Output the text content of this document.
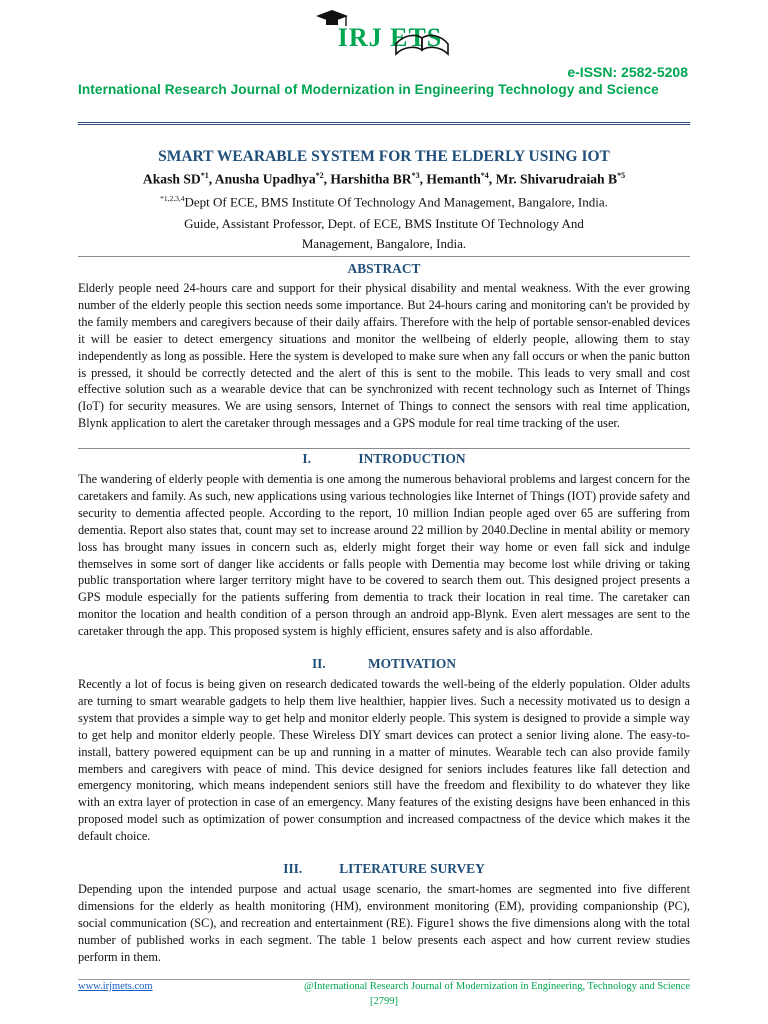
IRJ ETS
e-ISSN: 2582-5208
International Research Journal of Modernization in Engineering Technology and Science
SMART WEARABLE SYSTEM FOR THE ELDERLY USING IOT
Akash SD$^{*1}$, Anusha Upadhya$^{*2}$, Harshitha BR$^{*3}$, Hemanth$^{*4}$, Mr. Shivarudraiah $B^{*5}$
$^{*1,2,3,4}$Dept Of ECE, BMS Institute Of Technology And Management, Bangalore, India.
Guide, Assistant Professor, Dept. of ECE, BMS Institute Of Technology And
Management, Bangalore, India.
ABSTRACT
Elderly people need 24-hours care and support for their physical disability and mental weakness. With the ever growing number of the elderly people this section needs some importance. But 24-hours caring and monitoring can't be provided by the family members and caregivers because of their daily affairs. Therefore with the help of portable sensor-enabled devices it will be easier to detect emergency situations and monitor the wellbeing of elderly people, allowing them to stay independently as long as possible. Here the system is developed to make sure when any fall occurs or when the panic button is pressed, it should be correctly detected and the alert of this is sent to the mobile. This leads to very small and cost effective solution such as a wearable device that can be synchronized with recent technology such as Internet of Things (IoT) for security measures. We are using sensors, Internet of Things to connect the sensors with real time application, Blynk application to alert the caretaker through messages and a GPS module for real time tracking of the user.
I.	INTRODUCTION
The wandering of elderly people with dementia is one among the numerous behavioral problems and largest concern for the caretakers and family. As such, new applications using various technologies like Internet of Things (IOT) provide safety and security to dementia affected people. According to the report, 10 million Indian people aged over 65 are suffering from dementia. Report also states that, count may set to increase around 22 million by 2040.Decline in mental ability or memory loss has brought many issues in concern such as, elderly might forget their way home or even fall sick and indulge themselves in some sort of danger like accidents or falls people with Dementia may become lost while driving or taking public transportation where larger territory might have to be covered to search them out. This designed project presents a GPS module especially for the patients suffering from dementia to track their location in real time. The caretaker can monitor the location and health condition of a person through an android app-Blynk. Even alert messages are sent to the caretaker through the app. This proposed system is highly efficient, ensures safety and is also affordable.
II.	MOTIVATION
Recently a lot of focus is being given on research dedicated towards the well-being of the elderly population. Older adults are turning to smart wearable gadgets to help them live healthier, happier lives. Such a necessity motivated us to design a system that provides a simple way to get help and monitor elderly people. This system is designed to provide a simple way to get help and monitor elderly people. These Wireless DIY smart devices can protect a senior living alone. The easy-to-install, battery powered equipment can be up and running in a matter of minutes. Wearable tech can also provide family members and caregivers with peace of mind. This device designed for seniors includes features like fall detection and emergency monitoring, which means independent seniors still have the freedom and flexibility to do whatever they like with an extra layer of protection in case of an emergency. Many features of the existing designs have been enhanced in this proposed model such as optimization of power consumption and increased compactness of the device which makes it the default choice.
III.	LITERATURE SURVEY
Depending upon the intended purpose and actual usage scenario, the smart-homes are segmented into five different dimensions for the elderly as health monitoring (HM), environment monitoring (EM), providing companionship (PC), social communication (SC), and recreation and entertainment (RE). Figure1 shows the five dimensions along with the total number of published works in each segment. The table 1 below presents each aspect and how current review studies perform in them.
www.irjmets.com	@International Research Journal of Modernization in Engineering, Technology and Science
[2799]
